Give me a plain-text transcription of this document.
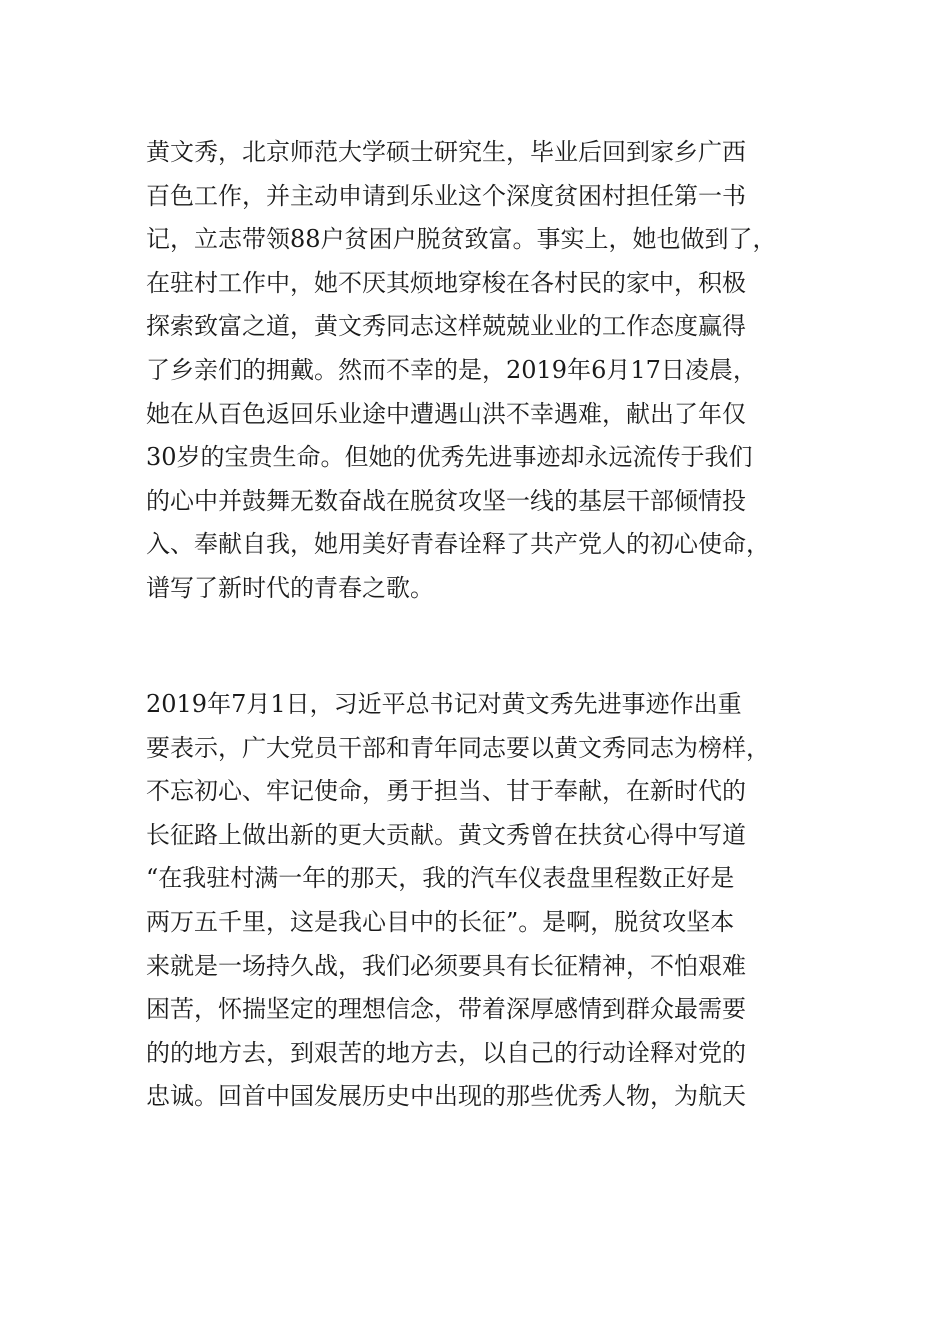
黄文秀，北京师范大学硕士研究生，毕业后回到家乡广西
百色工作，并主动申请到乐业这个深度贫困村担任第一书
记，立志带领88户贫困户脱贫致富。事实上，她也做到了，
在驻村工作中，她不厌其烦地穿梭在各村民的家中，积极
探索致富之道，黄文秀同志这样兢兢业业的工作态度赢得
了乡亲们的拥戴。然而不幸的是，2019年6月17日凌晨，
她在从百色返回乐业途中遭遇山洪不幸遇难，献出了年仅
30岁的宝贵生命。但她的优秀先进事迹却永远流传于我们
的心中并鼓舞无数奋战在脱贫攻坚一线的基层干部倾情投
入、奉献自我，她用美好青春诠释了共产党人的初心使命，
谱写了新时代的青春之歌。
2019年7月1日，习近平总书记对黄文秀先进事迹作出重
要表示，广大党员干部和青年同志要以黄文秀同志为榜样，
不忘初心、牢记使命，勇于担当、甘于奉献，在新时代的
长征路上做出新的更大贡献。黄文秀曾在扶贫心得中写道
“在我驻村满一年的那天，我的汽车仪表盘里程数正好是
两万五千里，这是我心目中的长征”。是啊，脱贫攻坚本
来就是一场持久战，我们必须要具有长征精神，不怕艰难
困苦，怀揣坚定的理想信念，带着深厚感情到群众最需要
的的地方去，到艰苦的地方去，以自己的行动诠释对党的
忠诚。回首中国发展历史中出现的那些优秀人物，为航天
